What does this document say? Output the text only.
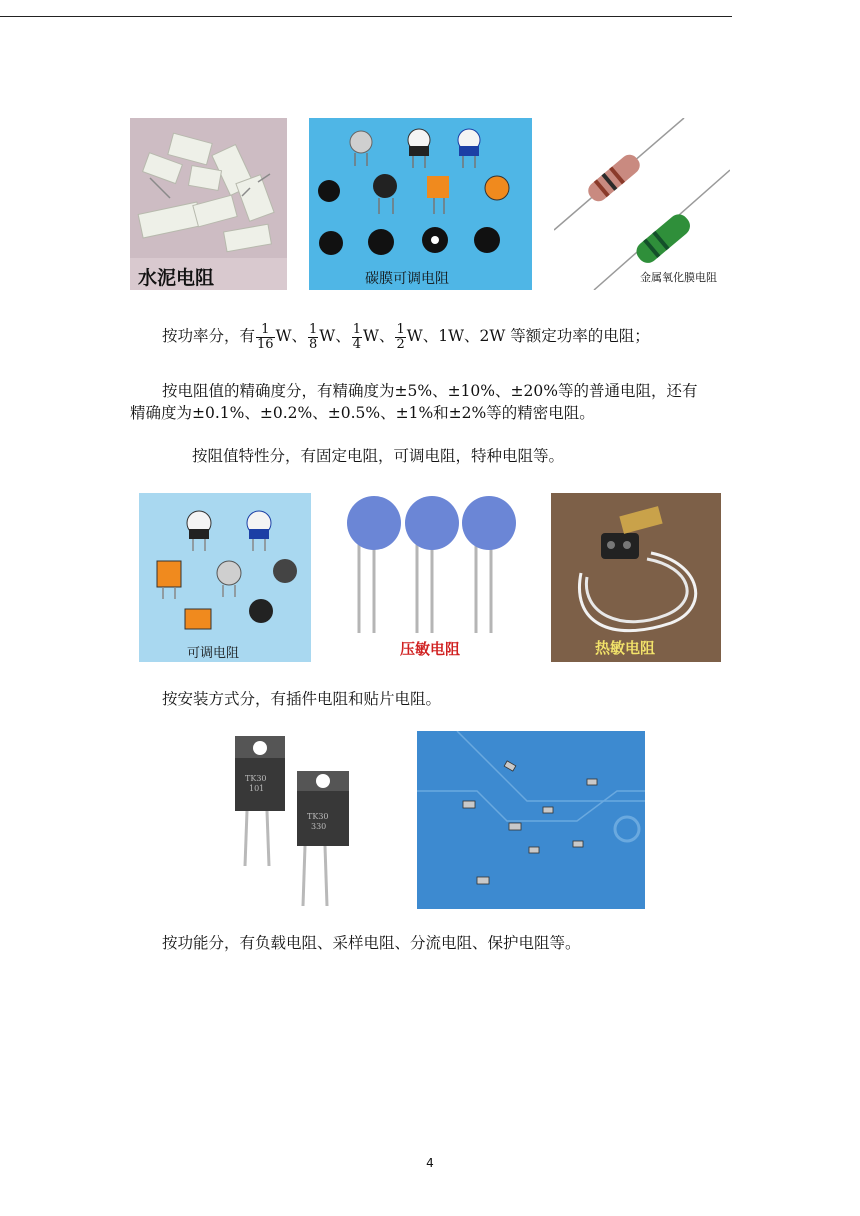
水泥电阻	碳膜可调电阻	金属氧化膜电阻
按功率分，有 $\frac{1}{16}$ W、 $\frac{1}{8}$ W、 $\frac{1}{4}$ W、 $\frac{1}{2}$ W、1W、2W 等额定功率的电阻；
按电阻值的精确度分，有精确度为±5%、±10%、±20%等的普通电阻，还有
精确度为±0.1%、±0.2%、±0.5%、±1%和±2%等的精密电阻。
按阻值特性分，有固定电阻，可调电阻，特种电阻等。
可调电阻	压敏电阻	热敏电阻
按安装方式分，有插件电阻和贴片电阻。
TK30
101
TK30
330
按功能分，有负载电阻、采样电阻、分流电阻、保护电阻等。
4
